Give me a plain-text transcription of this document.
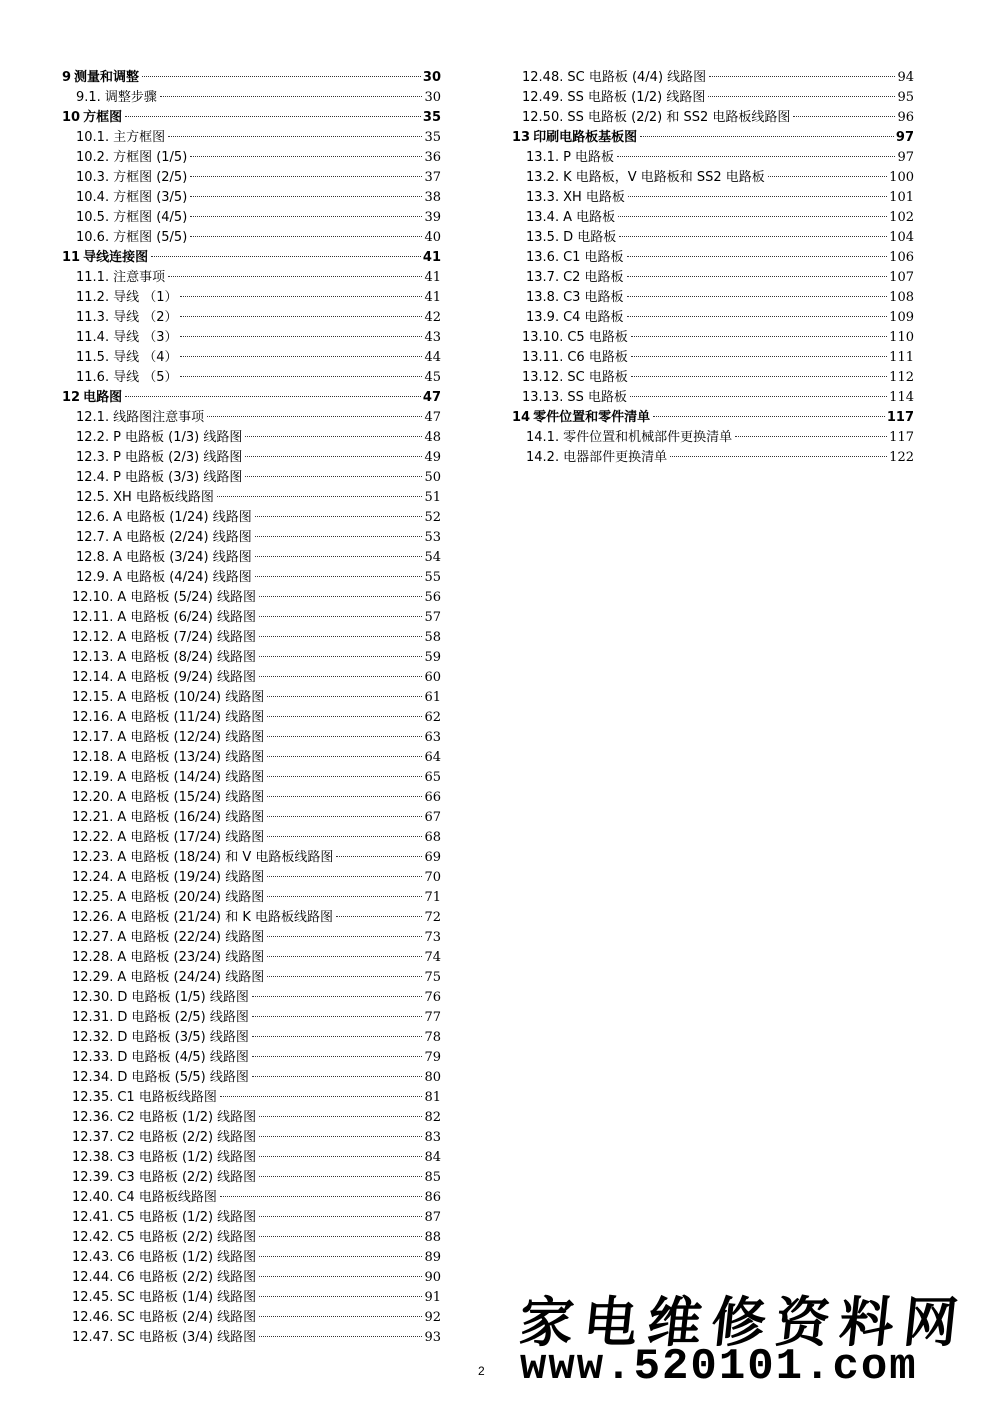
9 测量和调整	30
9.1. 调整步骤	30
10 方框图	35
10.1. 主方框图	35
10.2. 方框图 (1/5)	36
10.3. 方框图 (2/5)	37
10.4. 方框图 (3/5)	38
10.5. 方框图 (4/5)	39
10.6. 方框图 (5/5)	40
11 导线连接图	41
11.1. 注意事项	41
11.2. 导线 （1）	41
11.3. 导线 （2）	42
11.4. 导线 （3）	43
11.5. 导线 （4）	44
11.6. 导线 （5）	45
12 电路图	47
12.1. 线路图注意事项	47
12.2. P 电路板 (1/3) 线路图	48
12.3. P 电路板 (2/3) 线路图	49
12.4. P 电路板 (3/3) 线路图	50
12.5. XH 电路板线路图	51
12.6. A 电路板 (1/24) 线路图	52
12.7. A 电路板 (2/24) 线路图	53
12.8. A 电路板 (3/24) 线路图	54
12.9. A 电路板 (4/24) 线路图	55
12.10. A 电路板 (5/24) 线路图	56
12.11. A 电路板 (6/24) 线路图	57
12.12. A 电路板 (7/24) 线路图	58
12.13. A 电路板 (8/24) 线路图	59
12.14. A 电路板 (9/24) 线路图	60
12.15. A 电路板 (10/24) 线路图	61
12.16. A 电路板 (11/24) 线路图	62
12.17. A 电路板 (12/24) 线路图	63
12.18. A 电路板 (13/24) 线路图	64
12.19. A 电路板 (14/24) 线路图	65
12.20. A 电路板 (15/24) 线路图	66
12.21. A 电路板 (16/24) 线路图	67
12.22. A 电路板 (17/24) 线路图	68
12.23. A 电路板 (18/24) 和 V 电路板线路图	69
12.24. A 电路板 (19/24) 线路图	70
12.25. A 电路板 (20/24) 线路图	71
12.26. A 电路板 (21/24) 和 K 电路板线路图	72
12.27. A 电路板 (22/24) 线路图	73
12.28. A 电路板 (23/24) 线路图	74
12.29. A 电路板 (24/24) 线路图	75
12.30. D 电路板 (1/5) 线路图	76
12.31. D 电路板 (2/5) 线路图	77
12.32. D 电路板 (3/5) 线路图	78
12.33. D 电路板 (4/5) 线路图	79
12.34. D 电路板 (5/5) 线路图	80
12.35. C1 电路板线路图	81
12.36. C2 电路板 (1/2) 线路图	82
12.37. C2 电路板 (2/2) 线路图	83
12.38. C3 电路板 (1/2) 线路图	84
12.39. C3 电路板 (2/2) 线路图	85
12.40. C4 电路板线路图	86
12.41. C5 电路板 (1/2) 线路图	87
12.42. C5 电路板 (2/2) 线路图	88
12.43. C6 电路板 (1/2) 线路图	89
12.44. C6 电路板 (2/2) 线路图	90
12.45. SC 电路板 (1/4) 线路图	91
12.46. SC 电路板 (2/4) 线路图	92
12.47. SC 电路板 (3/4) 线路图	93
12.48. SC 电路板 (4/4) 线路图	94
12.49. SS 电路板 (1/2) 线路图	95
12.50. SS 电路板 (2/2) 和 SS2 电路板线路图	96
13 印刷电路板基板图	97
13.1. P 电路板	97
13.2. K 电路板，V 电路板和 SS2 电路板	100
13.3. XH 电路板	101
13.4. A 电路板	102
13.5. D 电路板	104
13.6. C1 电路板	106
13.7. C2 电路板	107
13.8. C3 电路板	108
13.9. C4 电路板	109
13.10. C5 电路板	110
13.11. C6 电路板	111
13.12. SC 电路板	112
13.13. SS 电路板	114
14 零件位置和零件清单	117
14.1. 零件位置和机械部件更换清单	117
14.2. 电器部件更换清单	122
2
家电维修资料网
www.520101.com
